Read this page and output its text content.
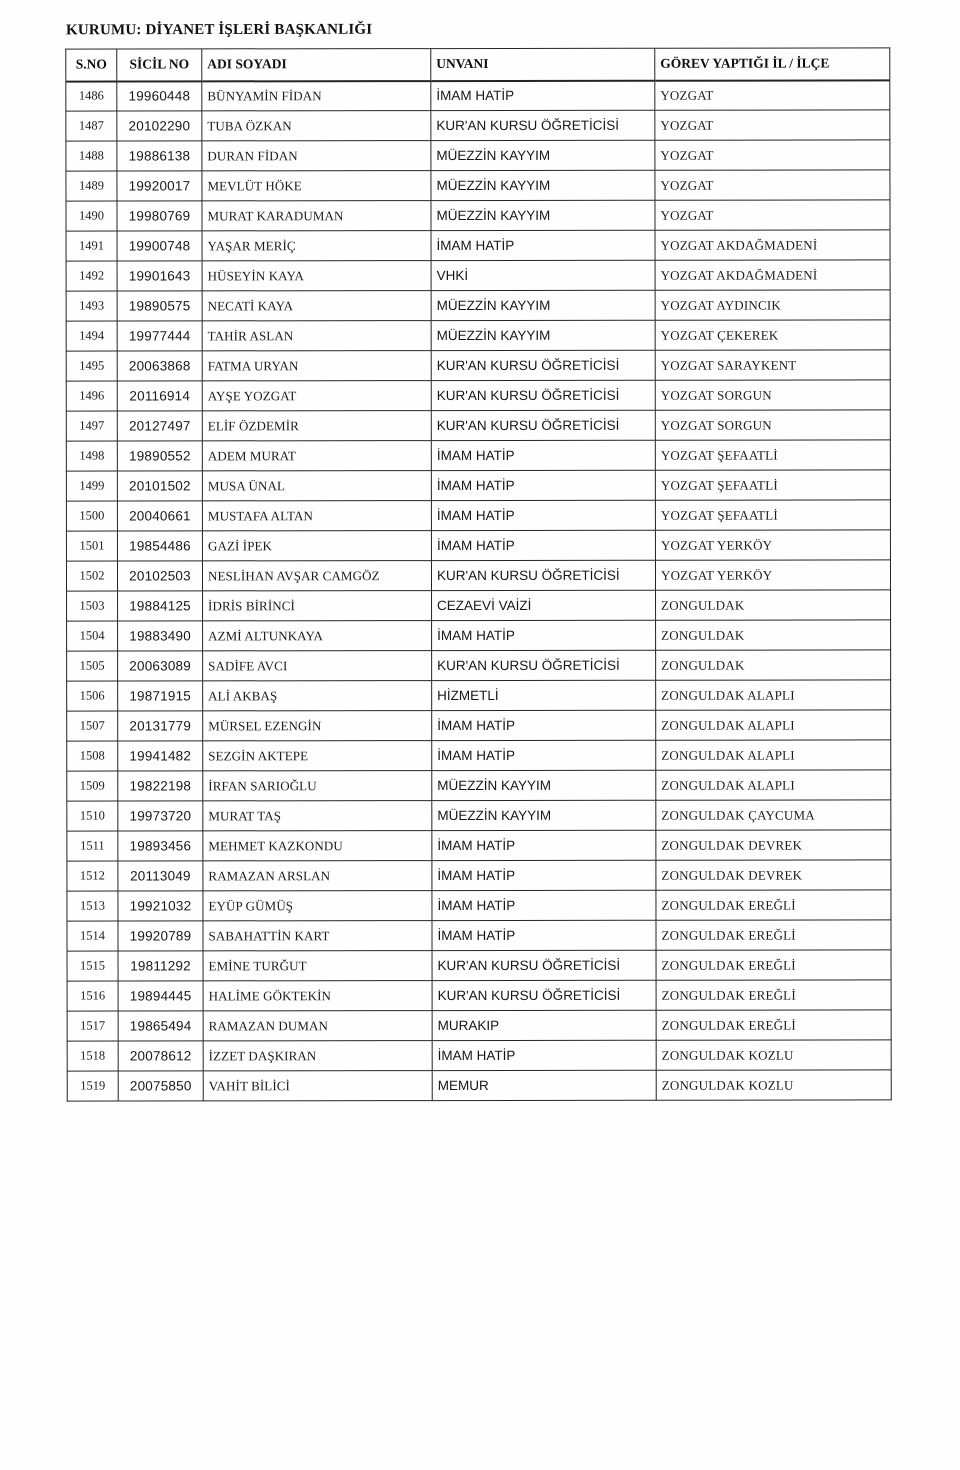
KURUMU: DİYANET İŞLERİ BAŞKANLIĞI
S.NO	SİCİL NO	ADI SOYADI	UNVANI	GÖREV YAPTIĞI İL / İLÇE
1486	19960448	BÜNYAMİN FİDAN	İMAM HATİP	YOZGAT
1487	20102290	TUBA ÖZKAN	KUR'AN KURSU ÖĞRETİCİSİ	YOZGAT
1488	19886138	DURAN FİDAN	MÜEZZİN KAYYIM	YOZGAT
1489	19920017	MEVLÜT HÖKE	MÜEZZİN KAYYIM	YOZGAT
1490	19980769	MURAT KARADUMAN	MÜEZZİN KAYYIM	YOZGAT
1491	19900748	YAŞAR MERİÇ	İMAM HATİP	YOZGAT AKDAĞMADENİ
1492	19901643	HÜSEYİN KAYA	VHKİ	YOZGAT AKDAĞMADENİ
1493	19890575	NECATİ KAYA	MÜEZZİN KAYYIM	YOZGAT AYDINCIK
1494	19977444	TAHİR ASLAN	MÜEZZİN KAYYIM	YOZGAT ÇEKEREK
1495	20063868	FATMA URYAN	KUR'AN KURSU ÖĞRETİCİSİ	YOZGAT SARAYKENT
1496	20116914	AYŞE YOZGAT	KUR'AN KURSU ÖĞRETİCİSİ	YOZGAT SORGUN
1497	20127497	ELİF ÖZDEMİR	KUR'AN KURSU ÖĞRETİCİSİ	YOZGAT SORGUN
1498	19890552	ADEM MURAT	İMAM HATİP	YOZGAT ŞEFAATLİ
1499	20101502	MUSA ÜNAL	İMAM HATİP	YOZGAT ŞEFAATLİ
1500	20040661	MUSTAFA ALTAN	İMAM HATİP	YOZGAT ŞEFAATLİ
1501	19854486	GAZİ İPEK	İMAM HATİP	YOZGAT YERKÖY
1502	20102503	NESLİHAN AVŞAR CAMGÖZ	KUR'AN KURSU ÖĞRETİCİSİ	YOZGAT YERKÖY
1503	19884125	İDRİS BİRİNCİ	CEZAEVİ VAİZİ	ZONGULDAK
1504	19883490	AZMİ ALTUNKAYA	İMAM HATİP	ZONGULDAK
1505	20063089	SADİFE AVCI	KUR'AN KURSU ÖĞRETİCİSİ	ZONGULDAK
1506	19871915	ALİ AKBAŞ	HİZMETLİ	ZONGULDAK ALAPLI
1507	20131779	MÜRSEL EZENGİN	İMAM HATİP	ZONGULDAK ALAPLI
1508	19941482	SEZGİN AKTEPE	İMAM HATİP	ZONGULDAK ALAPLI
1509	19822198	İRFAN SARIOĞLU	MÜEZZİN KAYYIM	ZONGULDAK ALAPLI
1510	19973720	MURAT TAŞ	MÜEZZİN KAYYIM	ZONGULDAK ÇAYCUMA
1511	19893456	MEHMET KAZKONDU	İMAM HATİP	ZONGULDAK DEVREK
1512	20113049	RAMAZAN ARSLAN	İMAM HATİP	ZONGULDAK DEVREK
1513	19921032	EYÜP GÜMÜŞ	İMAM HATİP	ZONGULDAK EREĞLİ
1514	19920789	SABAHATTİN KART	İMAM HATİP	ZONGULDAK EREĞLİ
1515	19811292	EMİNE TURĞUT	KUR'AN KURSU ÖĞRETİCİSİ	ZONGULDAK EREĞLİ
1516	19894445	HALİME GÖKTEKİN	KUR'AN KURSU ÖĞRETİCİSİ	ZONGULDAK EREĞLİ
1517	19865494	RAMAZAN DUMAN	MURAKIP	ZONGULDAK EREĞLİ
1518	20078612	İZZET DAŞKIRAN	İMAM HATİP	ZONGULDAK KOZLU
1519	20075850	VAHİT BİLİCİ	MEMUR	ZONGULDAK KOZLU
